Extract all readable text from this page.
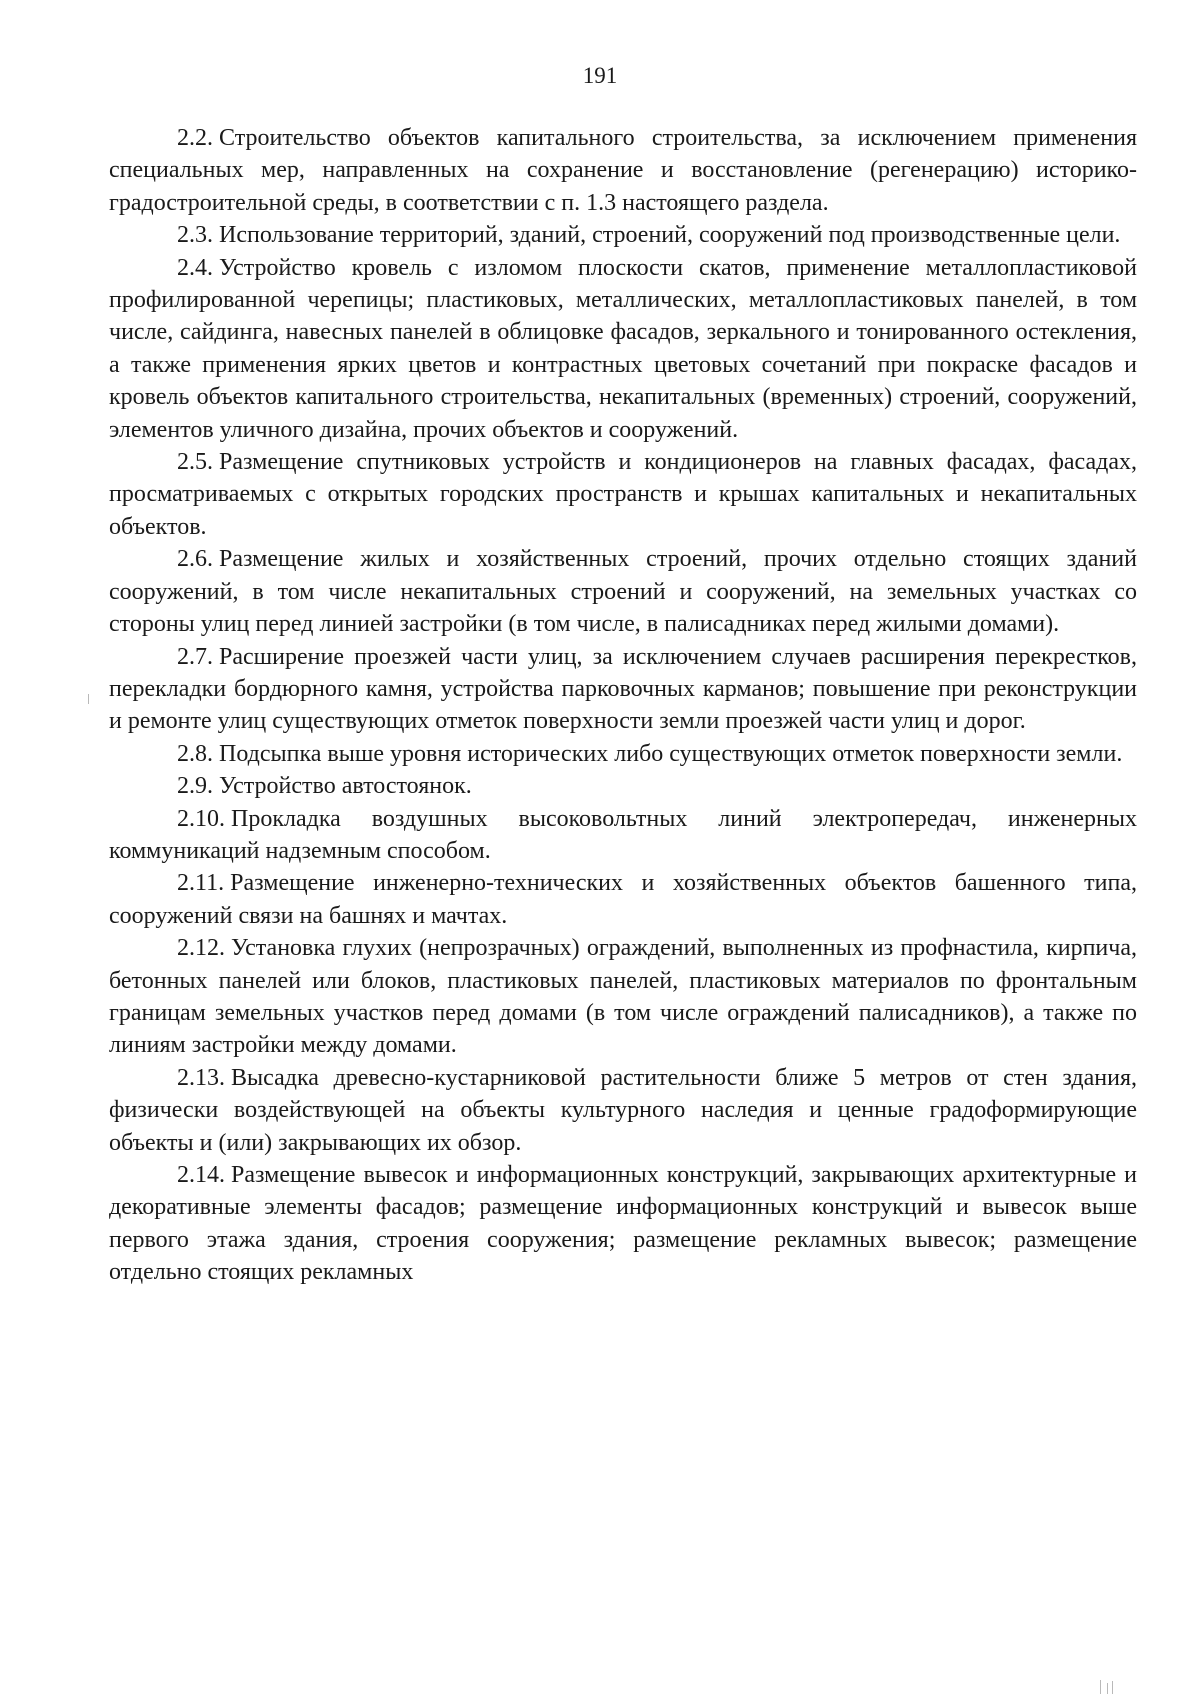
191

2.2. Строительство объектов капитального строительства, за исключением применения специальных мер, направленных на сохранение и восстановление (регенерацию) историко-градостроительной среды, в соответствии с п. 1.3 настоящего раздела.

2.3. Использование территорий, зданий, строений, сооружений под производственные цели.

2.4. Устройство кровель с изломом плоскости скатов, применение металлопластиковой профилированной черепицы; пластиковых, металлических, металлопластиковых панелей, в том числе, сайдинга, навесных панелей в облицовке фасадов, зеркального и тонированного остекления, а также применения ярких цветов и контрастных цветовых сочетаний при покраске фасадов и кровель объектов капитального строительства, некапитальных (временных) строений, сооружений, элементов уличного дизайна, прочих объектов и сооружений.

2.5. Размещение спутниковых устройств и кондиционеров на главных фасадах, фасадах, просматриваемых с открытых городских пространств и крышах капитальных и некапитальных объектов.

2.6. Размещение жилых и хозяйственных строений, прочих отдельно стоящих зданий сооружений, в том числе некапитальных строений и сооружений, на земельных участках со стороны улиц перед линией застройки (в том числе, в палисадниках перед жилыми домами).

2.7. Расширение проезжей части улиц, за исключением случаев расширения перекрестков, перекладки бордюрного камня, устройства парковочных карманов; повышение при реконструкции и ремонте улиц существующих отметок поверхности земли проезжей части улиц и дорог.

2.8. Подсыпка выше уровня исторических либо существующих отметок поверхности земли.

2.9. Устройство автостоянок.

2.10. Прокладка воздушных высоковольтных линий электропередач, инженерных коммуникаций надземным способом.

2.11. Размещение инженерно-технических и хозяйственных объектов башенного типа, сооружений связи на башнях и мачтах.

2.12. Установка глухих (непрозрачных) ограждений, выполненных из профнастила, кирпича, бетонных панелей или блоков, пластиковых панелей, пластиковых материалов по фронтальным границам земельных участков перед домами (в том числе ограждений палисадников), а также по линиям застройки между домами.

2.13. Высадка древесно-кустарниковой растительности ближе 5 метров от стен здания, физически воздействующей на объекты культурного наследия и ценные градоформирующие объекты и (или) закрывающих их обзор.

2.14. Размещение вывесок и информационных конструкций, закрывающих архитектурные и декоративные элементы фасадов; размещение информационных конструкций и вывесок выше первого этажа здания, строения сооружения; размещение рекламных вывесок; размещение отдельно стоящих рекламных
